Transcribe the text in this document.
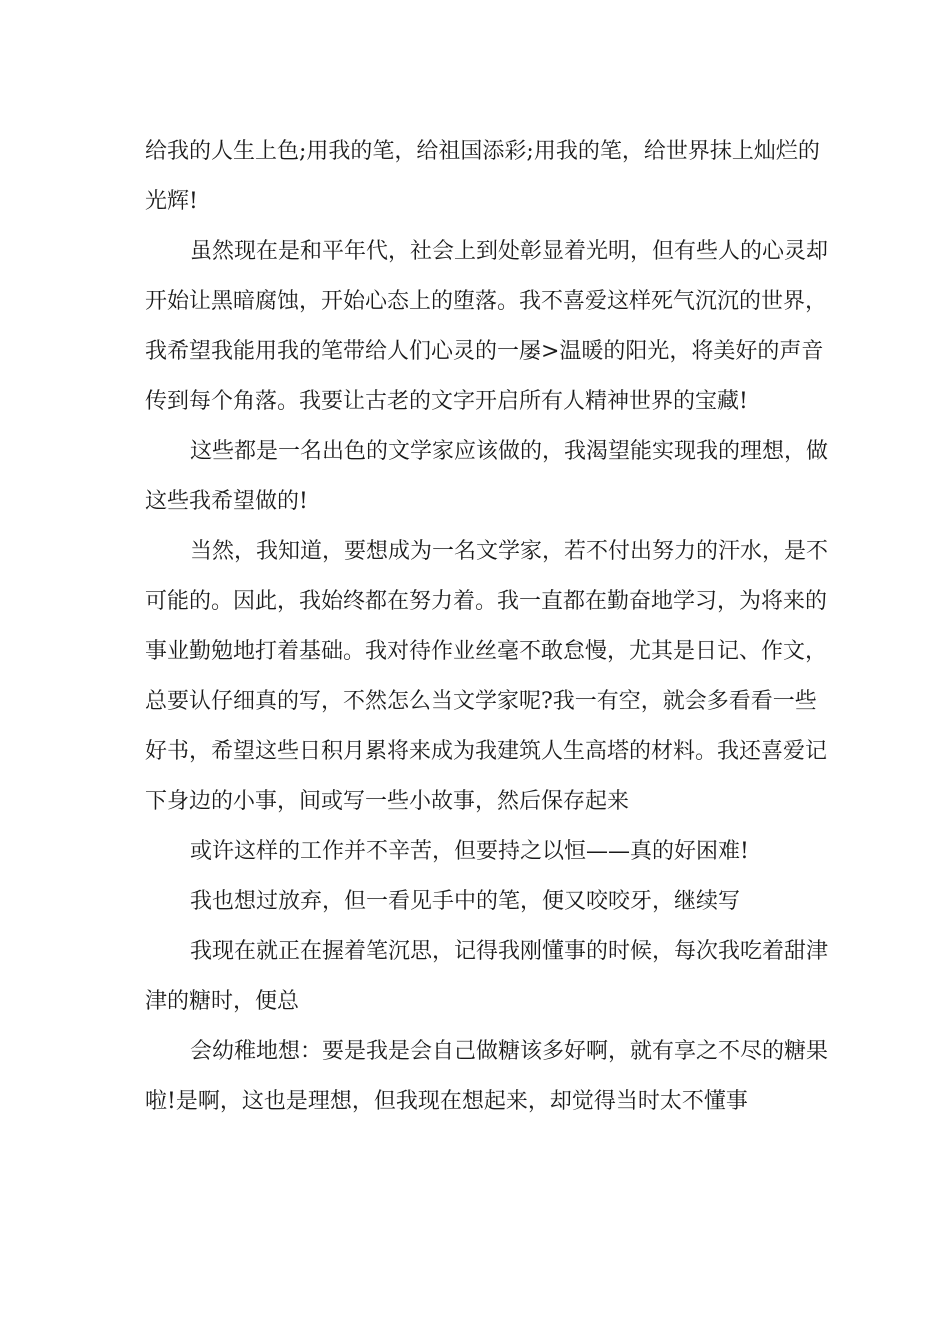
给我的人生上色;用我的笔，给祖国添彩;用我的笔，给世界抹上灿烂的光辉!

虽然现在是和平年代，社会上到处彰显着光明，但有些人的心灵却开始让黑暗腐蚀，开始心态上的堕落。我不喜爱这样死气沉沉的世界，我希望我能用我的笔带给人们心灵的一屡>温暖的阳光，将美好的声音传到每个角落。我要让古老的文字开启所有人精神世界的宝藏!

这些都是一名出色的文学家应该做的，我渴望能实现我的理想，做这些我希望做的!

当然，我知道，要想成为一名文学家，若不付出努力的汗水，是不可能的。因此，我始终都在努力着。我一直都在勤奋地学习，为将来的事业勤勉地打着基础。我对待作业丝毫不敢怠慢，尤其是日记、作文，总要认仔细真的写，不然怎么当文学家呢?我一有空，就会多看看一些好书，希望这些日积月累将来成为我建筑人生高塔的材料。我还喜爱记下身边的小事，间或写一些小故事，然后保存起来

或许这样的工作并不辛苦，但要持之以恒——真的好困难!

我也想过放弃，但一看见手中的笔，便又咬咬牙，继续写

我现在就正在握着笔沉思，记得我刚懂事的时候，每次我吃着甜津津的糖时，便总

会幼稚地想：要是我是会自己做糖该多好啊，就有享之不尽的糖果啦!是啊，这也是理想，但我现在想起来，却觉得当时太不懂事
